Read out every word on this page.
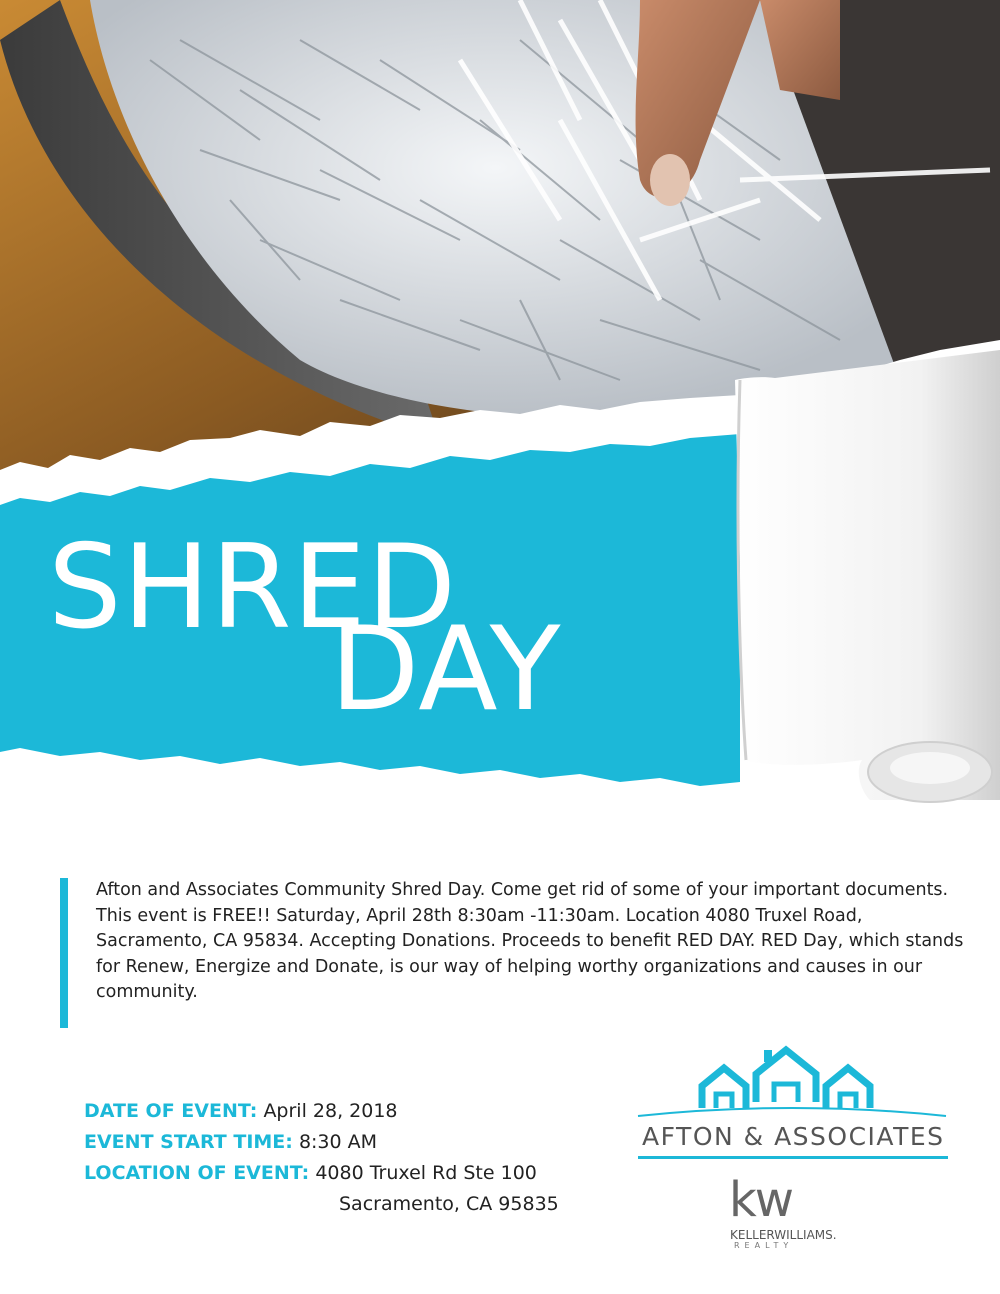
SHRED
DAY

Afton and Associates Community Shred Day. Come get rid of some of your important documents. This event is FREE!! Saturday, April 28th 8:30am -11:30am. Location 4080 Truxel Road, Sacramento, CA 95834. Accepting Donations. Proceeds to benefit RED DAY. RED Day, which stands for Renew, Energize and Donate, is our way of helping worthy organizations and causes in our community.

DATE OF EVENT: April 28, 2018
EVENT START TIME: 8:30 AM
LOCATION OF EVENT: 4080 Truxel Rd Ste 100
Sacramento, CA 95835
AFTON & ASSOCIATES
kw
KELLERWILLIAMS.
REALTY
